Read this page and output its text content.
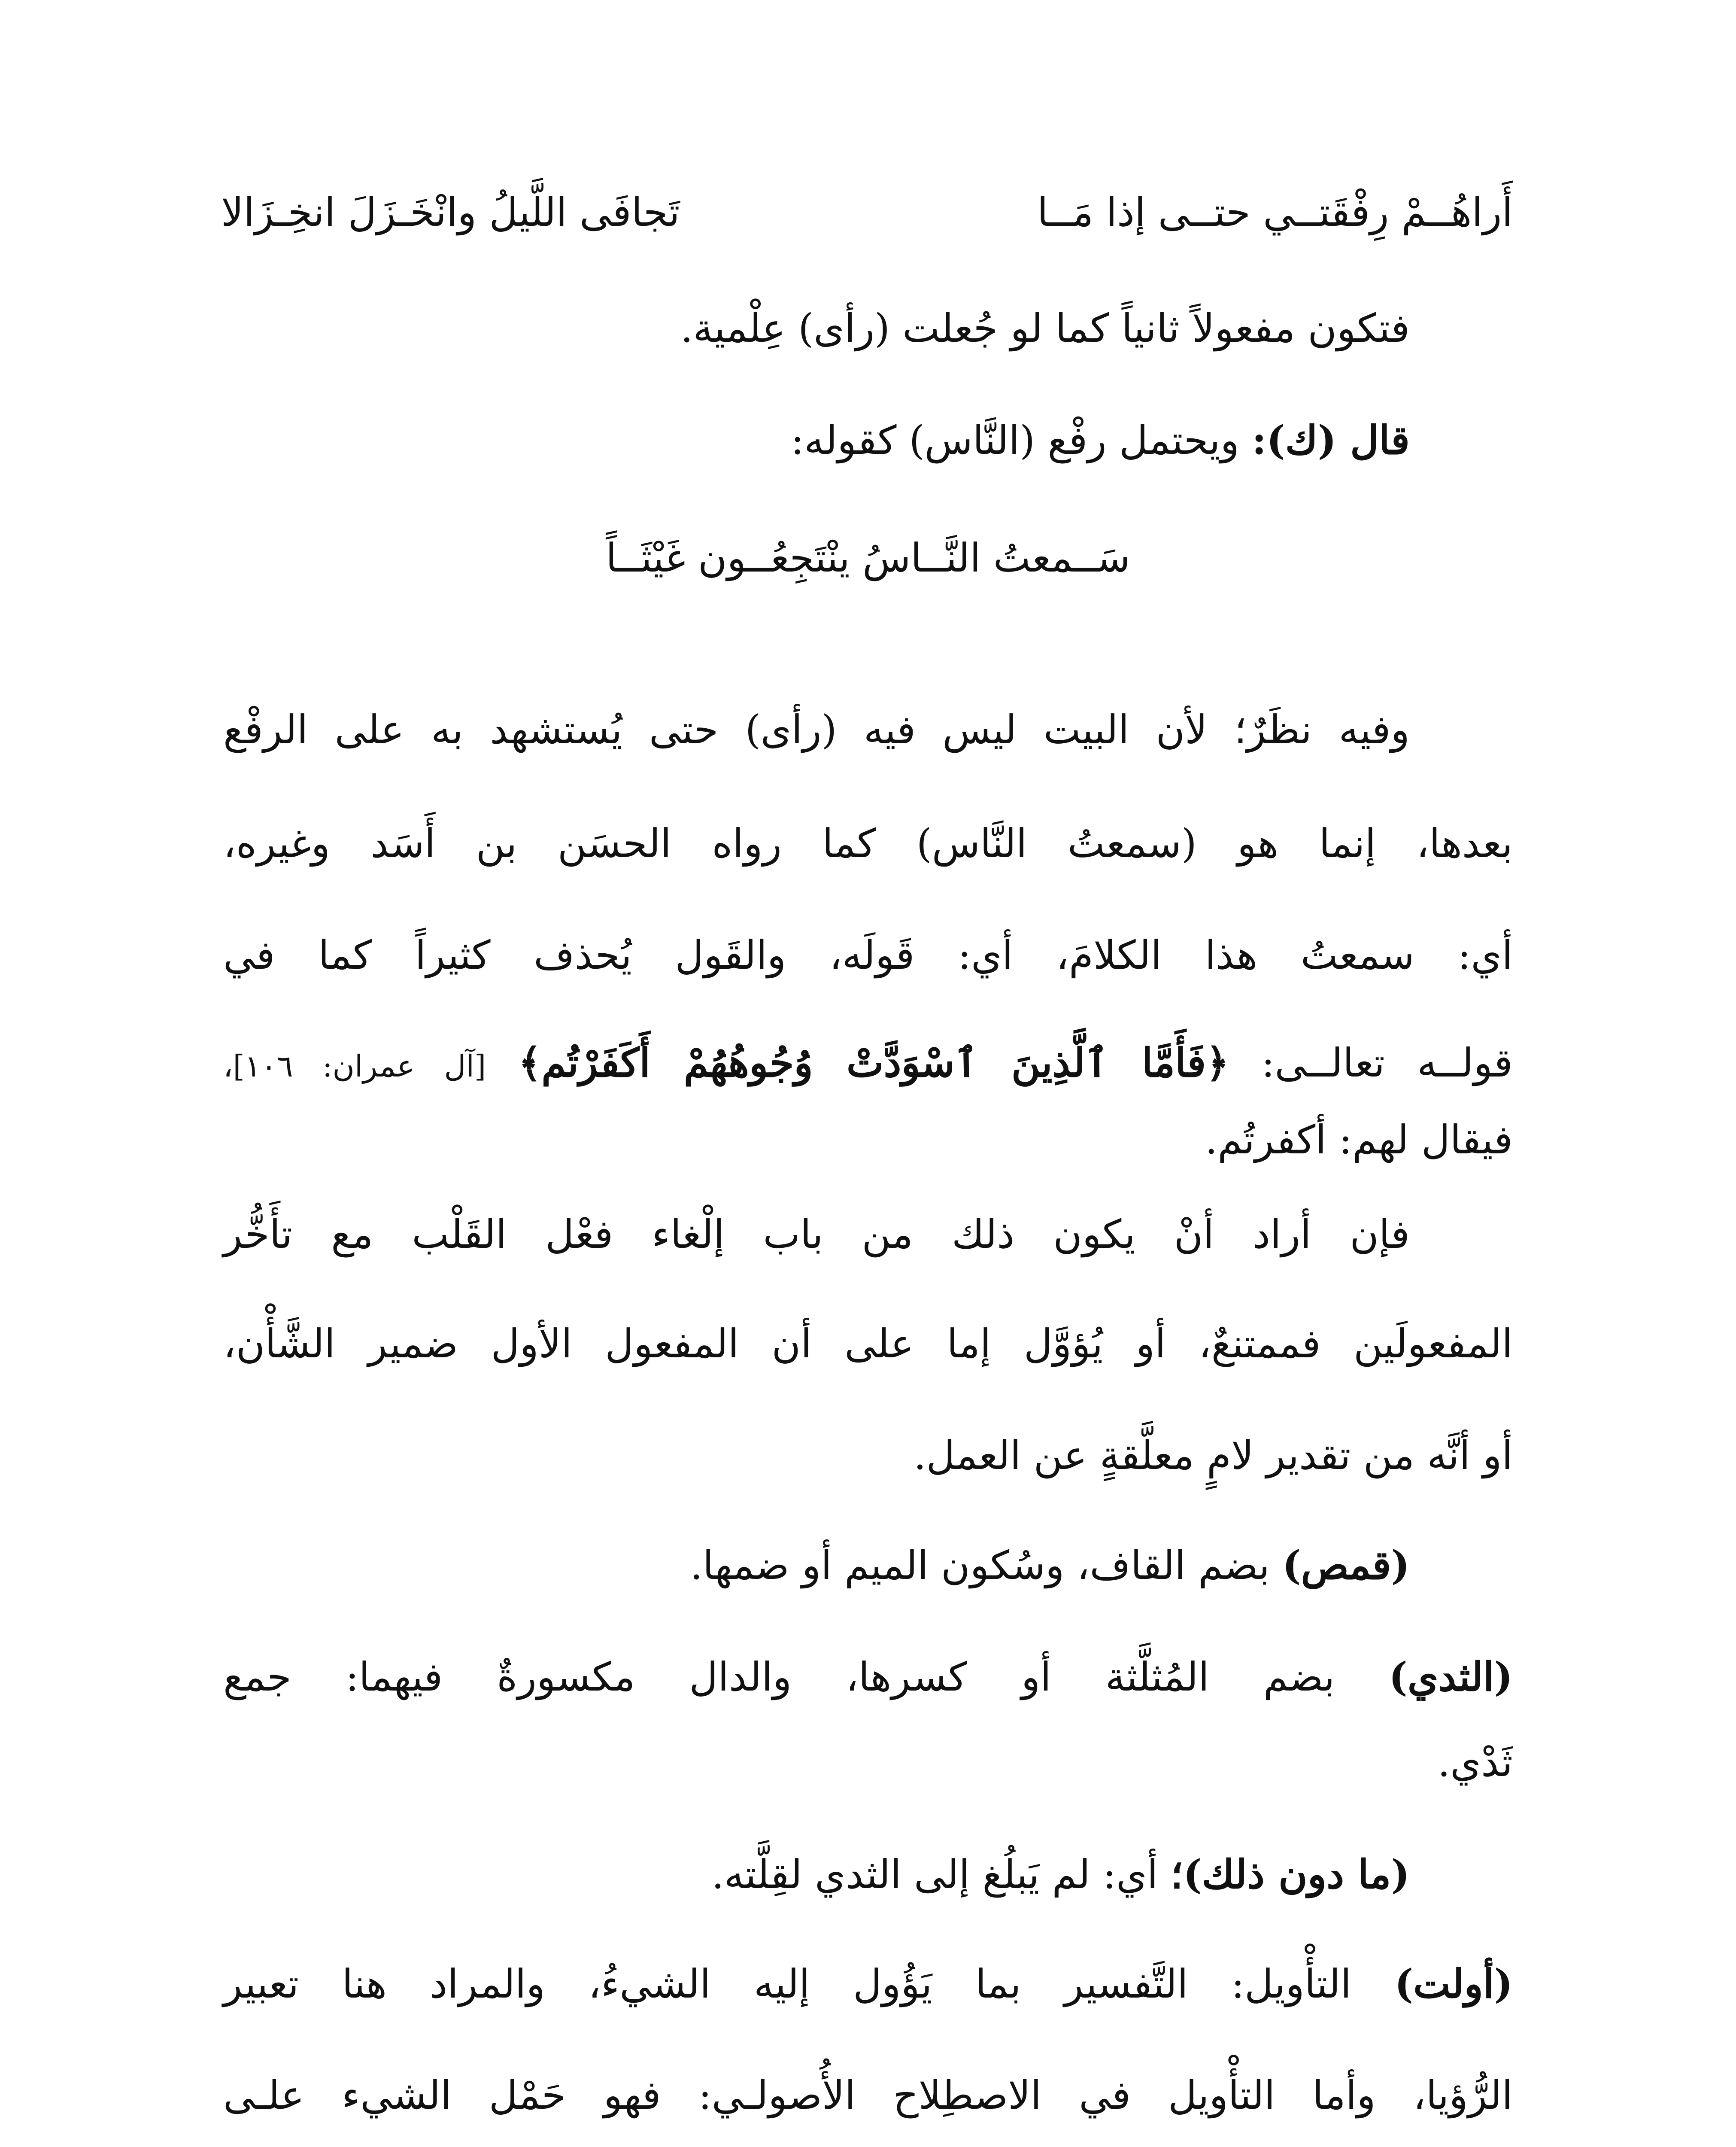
أَراهُــمْ رِفْقَتــي حتــى إذا مَــا
تَجافَى اللَّيلُ وانْخَـزَلَ انخِـزَالا
فتكون مفعولاً ثانياً كما لو جُعلت (رأى) عِلْمية.
قال (ك): ويحتمل رفْع (النَّاس) كقوله:
سَــمعتُ النَّــاسُ ينْتَجِعُــون غَيْثَــاً
وفيه نظَرٌ؛ لأن البيت ليس فيه (رأى) حتى يُستشهد به على الرفْع
بعدها، إنما هو (سمعتُ النَّاس) كما رواه الحسَن بن أَسَد وغيره،
أي: سمعتُ هذا الكلامَ، أي: قَولَه، والقَول يُحذف كثيراً كما في
قولــه تعالــى: ﴿فَأَمَّا ٱلَّذِينَ ٱسْوَدَّتْ وُجُوهُهُمْ أَكَفَرْتُم﴾ [آل عمران: ١٠٦]،
فيقال لهم: أكفرتُم.
فإن أراد أنْ يكون ذلك من باب إلْغاء فعْل القَلْب مع تأَخُّر
المفعولَين فممتنعٌ، أو يُؤوَّل إما على أن المفعول الأول ضمير الشَّأْن،
أو أنَّه من تقدير لامٍ معلَّقةٍ عن العمل.
(قمص) بضم القاف، وسُكون الميم أو ضمها.
(الثدي) بضم المُثلَّثة أو كسرها، والدال مكسورةٌ فيهما: جمع
ثَدْي.
(ما دون ذلك)؛ أي: لم يَبلُغ إلى الثدي لقِلَّته.
(أولت) التأْويل: التَّفسير بما يَؤُول إليه الشيءُ، والمراد هنا تعبير
الرُّؤيا، وأما التأْويل في الاصطِلاح الأُصولـي: فهو حَمْل الشيء علـى
